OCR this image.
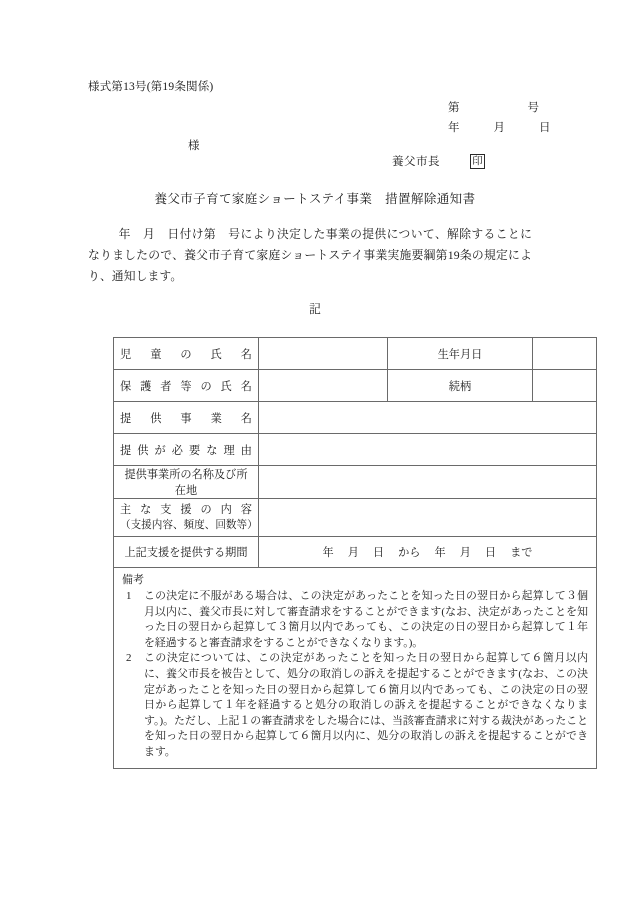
様式第13号(第19条関係)
第	号
年	月	日
様
養父市長	印
養父市子育て家庭ショートステイ事業　措置解除通知書
年　月　日付け第　号により決定した事業の提供について、解除することになりましたので、養父市子育て家庭ショートステイ事業実施要綱第19条の規定により、通知します。
記
児 童 の 氏 名		生年月日	

保 護 者 等 の 氏 名		続柄	

提 供 事 業 名			

提 供 が 必 要 な 理 由

提供事業所の名称及び所在地			

主 な 支 援 の 内 容
（支援内容、頻度、回数等）

上記支援を提供する期間	年 月 日 から 年 月 日 まで		

備考
1 この決定に不服がある場合は、この決定があったことを知った日の翌日から起算して３個月以内に、養父市長に対して審査請求をすることができます(なお、決定があったことを知った日の翌日から起算して３箇月以内であっても、この決定の日の翌日から起算して１年を経過すると審査請求をすることができなくなります。)。
2 この決定については、この決定があったことを知った日の翌日から起算して６箇月以内に、養父市長を被告として、処分の取消しの訴えを提起することができます(なお、この決定があったことを知った日の翌日から起算して６箇月以内であっても、この決定の日の翌日から起算して１年を経過すると処分の取消しの訴えを提起することができなくなります。)。ただし、上記１の審査請求をした場合には、当該審査請求に対する裁決があったことを知った日の翌日から起算して６箇月以内に、処分の取消しの訴えを提起することができます。			
